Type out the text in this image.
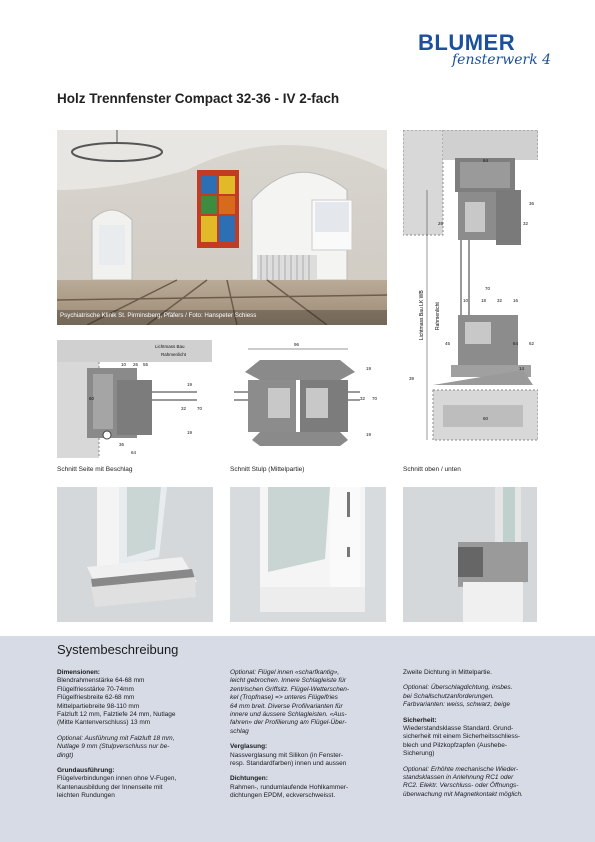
BLUMER
fensterwerk 4
Holz Trennfenster Compact 32-36 - IV 2-fach
Psychiatrische Klinik St. Pirminsberg, Pfäfers / Foto: Hanspeter Schiess	Lichtmass Bau LK WB Rahmenlicht
64
36
26	32
70
10	18 32 16
45	62
64
14
39
60
Lichtmass Bau
Rahmenlicht
10 26 55
60
19
32 70
19
36
64
96
19
32 70
19
Schnitt Seite mit Beschlag	Schnitt Stulp (Mittelpartie)	Schnitt oben / unten
Systembeschreibung
Dimensionen:
Blendrahmenstärke 64-68 mm
Flügelfriesstärke 70-74mm
Flügelfriesbreite 62-68 mm
Mittelpartiebreite 98-110 mm
Falzluft 12 mm, Falztiefe 24 mm, Nutlage
(Mitte Kantenverschluss) 13 mm
Optional: Ausführung mit Falzluft 18 mm,
Nutlage 9 mm (Stulpverschluss nur be-
dingt)
Grundausführung:
Flügelverbindungen innen ohne V-Fugen,
Kantenausbildung der Innenseite mit
leichten Rundungen
Optional: Flügel innen «scharfkantig»,
leicht gebrochen. Innere Schlagleiste für
zentrischen Griffsitz. Flügel-Wetterschen-
kel (Tropfnase) => unteres Flügelfries
64 mm breit. Diverse Profilvarianten für
innere und äussere Schlagleisten. «Aus-
fahren» der Profilierung am Flügel-Über-
schlag
Verglasung:
Nassverglasung mit Silikon (in Fenster-
resp. Standardfarben) innen und aussen
Dichtungen:
Rahmen-, rundumlaufende Hohlkammer-
dichtungen EPDM, eckverschweisst.
Zweite Dichtung in Mittelpartie.
Optional: Überschlagdichtung, insbes.
bei Schallschutzanforderungen.
Farbvarianten: weiss, schwarz, beige
Sicherheit:
Wiederstandsklasse Standard. Grund-
sicherheit mit einem Sicherheitsschliess-
blech und Pilzkopfzapfen (Aushebe-
Sicherung)
Optional: Erhöhte mechanische Wieder-
standsklassen in Anlehnung RC1 oder
RC2. Elektr. Verschluss- oder Öffnungs-
überwachung mit Magnetkontakt möglich.
